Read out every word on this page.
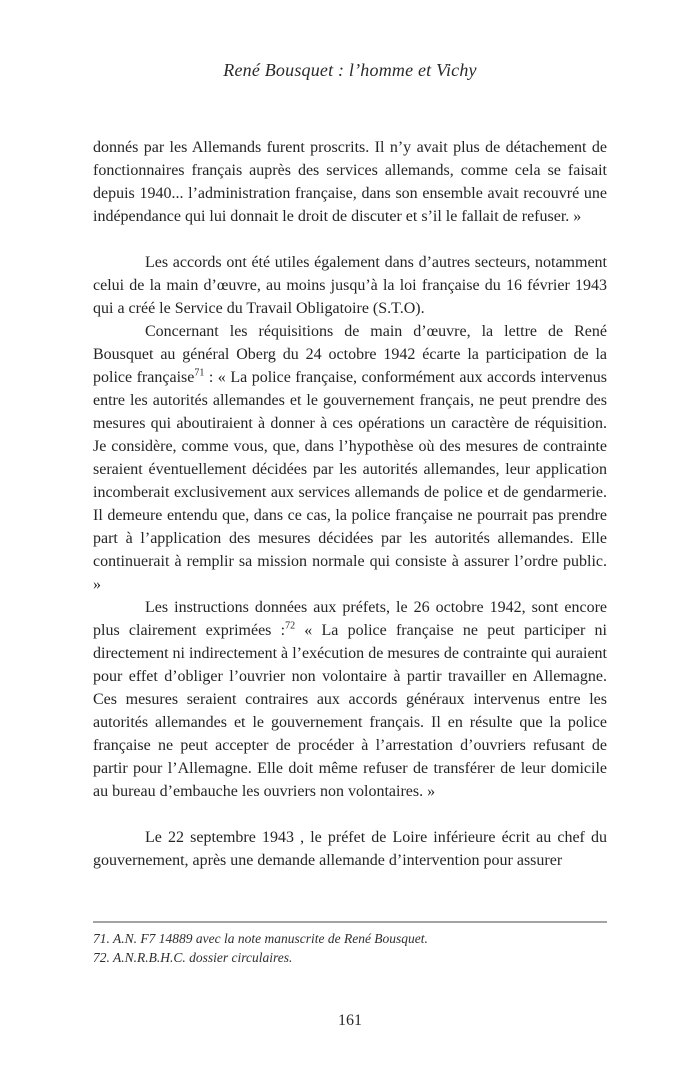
René Bousquet : l’homme et Vichy

donnés par les Allemands furent proscrits. Il n’y avait plus de détachement de fonctionnaires français auprès des services allemands, comme cela se faisait depuis 1940... l’administration française, dans son ensemble avait recouvré une indépendance qui lui donnait le droit de discuter et s’il le fallait de refuser. »

Les accords ont été utiles également dans d’autres secteurs, notamment celui de la main d’œuvre, au moins jusqu’à la loi française du 16 février 1943 qui a créé le Service du Travail Obligatoire (S.T.O).

Concernant les réquisitions de main d’œuvre, la lettre de René Bousquet au général Oberg du 24 octobre 1942 écarte la participation de la police française$^{71}$ : « La police française, conformément aux accords intervenus entre les autorités allemandes et le gouvernement français, ne peut prendre des mesures qui aboutiraient à donner à ces opérations un caractère de réquisition. Je considère, comme vous, que, dans l’hypothèse où des mesures de contrainte seraient éventuellement décidées par les autorités allemandes, leur application incomberait exclusivement aux services allemands de police et de gendarmerie. Il demeure entendu que, dans ce cas, la police française ne pourrait pas prendre part à l’application des mesures décidées par les autorités allemandes. Elle continuerait à remplir sa mission normale qui consiste à assurer l’ordre public. »

Les instructions données aux préfets, le 26 octobre 1942, sont encore plus clairement exprimées :$^{72}$ « La police française ne peut participer ni directement ni indirectement à l’exécution de mesures de contrainte qui auraient pour effet d’obliger l’ouvrier non volontaire à partir travailler en Allemagne. Ces mesures seraient contraires aux accords généraux intervenus entre les autorités allemandes et le gouvernement français. Il en résulte que la police française ne peut accepter de procéder à l’arrestation d’ouvriers refusant de partir pour l’Allemagne. Elle doit même refuser de transférer de leur domicile au bureau d’embauche les ouvriers non volontaires. »

Le 22 septembre 1943 , le préfet de Loire inférieure écrit au chef du gouvernement, après une demande allemande d’intervention pour assurer

71. A.N. F7 14889 avec la note manuscrite de René Bousquet.
72. A.N.R.B.H.C. dossier circulaires.
161
